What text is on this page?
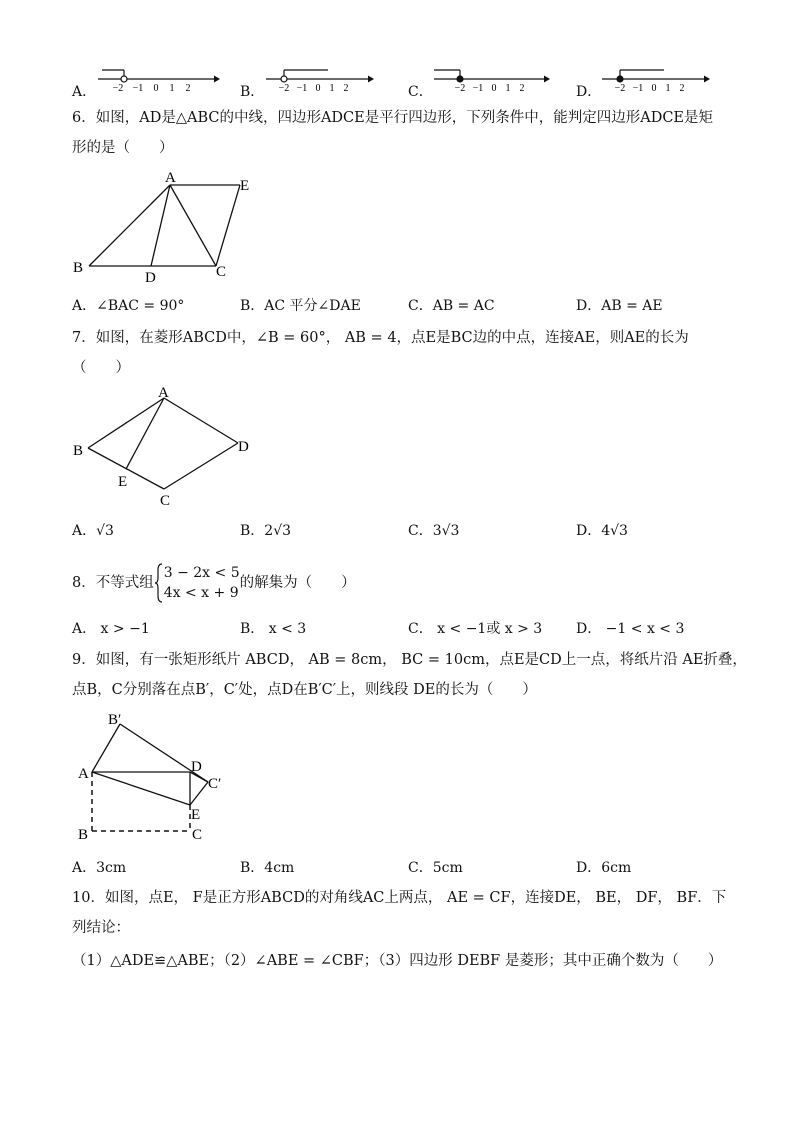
A． −2 −1 0 1 2	B． −2 −1 0 1 2	C． −2 −1 0 1 2	D． −2 −1 0 1 2
6．如图，AD是△ABC的中线，四边形ADCE是平行四边形，下列条件中，能判定四边形ADCE是矩
形的是（　　）
A	E
B
D	C
A．∠BAC = 90°	B．AC 平分∠DAE	C．AB = AC	D．AB = AE
7．如图，在菱形ABCD中，∠B = 60°， AB = 4，点E是BC边的中点，连接AE，则AE的长为
（　　）
A
B	D
E
C
A．√3	B．2√3	C．3√3	D．4√3
8．不等式组
3 − 2x < 5
4x < x + 9
的解集为（　　）
A． x > −1	B． x < 3	C． x < −1或 x > 3 D． −1 < x < 3
9．如图，有一张矩形纸片 ABCD， AB = 8cm， BC = 10cm，点E是CD上一点，将纸片沿 AE折叠，
点B，C分别落在点B′，C′处，点D在B′C′上，则线段 DE的长为（　　）
B′
A	D
C′
E
B	C
A．3cm	B．4cm	C．5cm	D．6cm
10．如图，点E， F是正方形ABCD的对角线AC上两点， AE = CF，连接DE， BE， DF， BF．下
列结论：
（1）△ADE≌△ABE；（2）∠ABE = ∠CBF；（3）四边形 DEBF 是菱形；其中正确个数为（　　）
